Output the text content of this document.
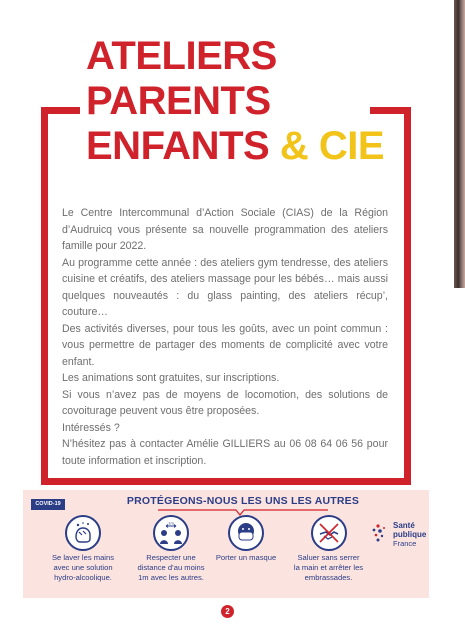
ATELIERS
PARENTS
ENFANTS & CIE

Le Centre Intercommunal d’Action Sociale (CIAS) de la Région d’Audruicq vous présente sa nouvelle programmation des ateliers famille pour 2022.

Au programme cette année : des ateliers gym tendresse, des ateliers cuisine et créatifs, des ateliers massage pour les bébés… mais aussi quelques nouveautés : du glass painting, des ateliers récup’, couture…

Des activités diverses, pour tous les goûts, avec un point commun : vous permettre de partager des moments de complicité avec votre enfant.

Les animations sont gratuites, sur inscriptions.

Si vous n’avez pas de moyens de locomotion, des solutions de covoiturage peuvent vous être proposées.

Intéressés ?

N’hésitez pas à contacter Amélie GILLIERS au 06 08 64 06 56 pour toute information et inscription.

COVID-19	PROTÉGEONS-NOUS LES UNS LES AUTRES
Se laver les mains
avec une solution
hydro-alcoolique.
1m
Respecter une
distance d’au moins
1m avec les autres.
Porter un masque	Saluer sans serrer
la main et arrêter les
embrassades.
Santé
publique
France
2
